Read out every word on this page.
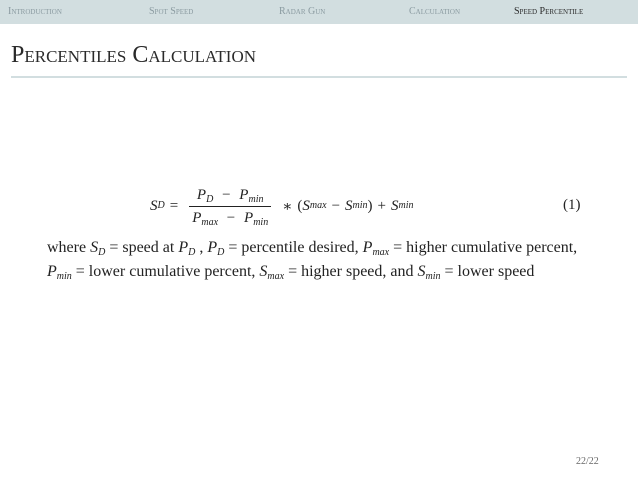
Introduction	Spot Speed	Radar Gun	Calculation	Speed Percentile
Percentiles Calculation
S $D = \frac{P_D - P_{min}}{P_{max} - P_{min}}$ ∗ ( S max − S min ) + S min	(1)
where $S_D$ = speed at $P_D$ , $P_D$ = percentile desired, $P_{max}$ = higher cumulative percent, $P_{min}$ = lower cumulative percent, $S_{max}$ = higher speed, and $S_{min}$ = lower speed
22/22
